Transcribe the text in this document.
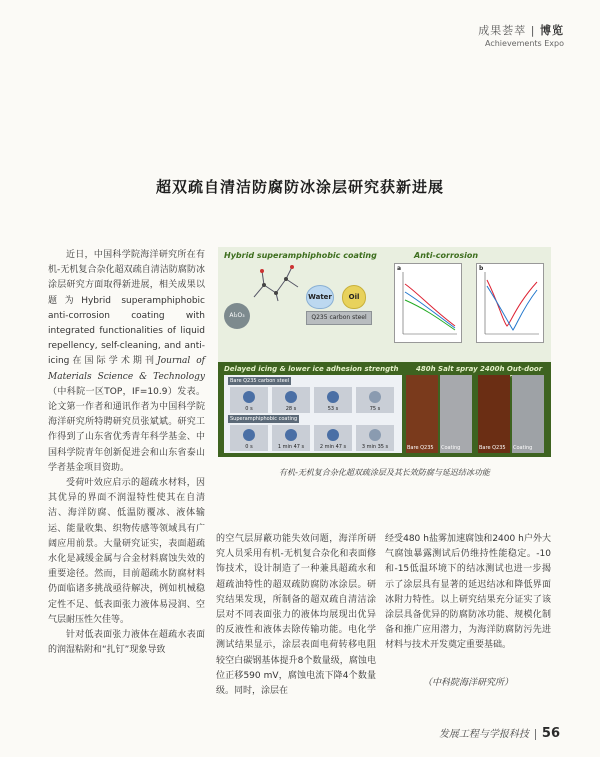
成果荟萃 | 博览
Achievements Expo
超双疏自清洁防腐防冰涂层研究获新进展

近日，中国科学院海洋研究所在有机-无机复合杂化超双疏自清洁防腐防冰涂层研究方面取得新进展，相关成果以题为Hybrid superamphiphobic anti-corrosion coating with integrated functionalities of liquid repellency, self-cleaning, and anti-icing在国际学术期刊Journal of Materials Science & Technology（中科院一区TOP，IF=10.9）发表。论文第一作者和通讯作者为中国科学院海洋研究所特聘研究员张斌斌。研究工作得到了山东省优秀青年科学基金、中国科学院青年创新促进会和山东省泰山学者基金项目资助。

受荷叶效应启示的超疏水材料，因其优异的界面不润湿特性使其在自清洁、海洋防腐、低温防覆冰、液体输运、能量收集、织物传感等领域具有广阔应用前景。大量研究证实，表面超疏水化是减缓金属与合金材料腐蚀失效的重要途径。然而，目前超疏水防腐材料仍面临诸多挑战亟待解决，例如机械稳定性不足、低表面张力液体易浸润、空气层耐压性欠佳等。

针对低表面张力液体在超疏水表面的润湿粘附和“扎钉”现象导致

Hybrid superamphiphobic coating	Anti-corrosion
Al₂O₃
Water	Oil
Q235 carbon steel
a	b
Delayed icing & lower ice adhesion strength	480h Salt spray 2400h Out-door
Bare Q235 carbon steel
0 s	28 s	53 s	75 s
Superamphiphobic coating
0 s	1 min 47 s	2 min 47 s	3 min 35 s	Bare Q235 Coating	Bare Q235 Coating
有机-无机复合杂化超双疏涂层及其长效防腐与延迟结冰功能

的空气层屏蔽功能失效问题，海洋所研究人员采用有机-无机复合杂化和表面修饰技术，设计制造了一种兼具超疏水和超疏油特性的超双疏防腐防冰涂层。研究结果发现，所制备的超双疏自清洁涂层对不同表面张力的液体均展现出优异的反液性和液体去除传输功能。电化学测试结果显示，涂层表面电荷转移电阻较空白碳钢基体提升8个数量级，腐蚀电位正移590 mV，腐蚀电流下降4个数量级。同时，涂层在

经受480 h盐雾加速腐蚀和2400 h户外大气腐蚀暴露测试后仍维持性能稳定。-10和-15低温环境下的结冰测试也进一步揭示了涂层具有显著的延迟结冰和降低界面冰附力特性。以上研究结果充分证实了该涂层具备优异的防腐防冰功能、规模化制备和推广应用潜力，为海洋防腐防污先进材料与技术开发奠定重要基础。

（中科院海洋研究所）

发展工程与学报科技 56
